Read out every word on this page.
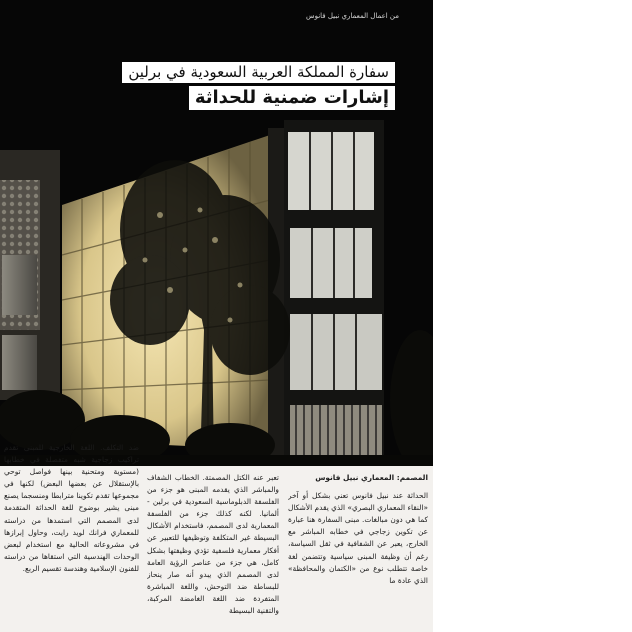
من اعمال المعماري نبيل فانوس
سفارة المملكة العربية السعودية في برلين
إشارات ضمنية للحداثة
المصمم: المعماري نبيل فانوس

الحداثة عند نبيل فانوس تعني بشكل أو آخر «النقاء المعماري البصري» الذي يقدم الأشكال كما هي دون مبالغات. مبنى السفارة هنا عبارة عن تكوين زجاجي في خطابه المباشر مع الخارج، يعبر عن الشفافية في ثقل السياسة، رغم أن وظيفة المبنى سياسية وتتضمن لغة خاصة تتطلب نوع من «الكتمان والمحافظة» الذي عادة ما

تعبر عنه الكتل المصمتة. الخطاب الشفاف والمباشر الذي يقدمه المبنى هو جزء من الفلسفة الدبلوماسية السعودية في برلين - ألمانيا. لكنه كذلك جزء من الفلسفة المعمارية لدى المصمم، فاستخدام الأشكال البسيطة غير المتكلفة وتوظيفها للتعبير عن أفكار معمارية فلسفية تؤدي وظيفتها بشكل كامل، هي جزء من عناصر الرؤية العامة لدى المصمم الذي يبدو أنه صار ينحاز للبساطة ضد التوحش، واللغة المباشرة المتفردة ضد اللغة الغامضة المركبة، والتقنية البسيطة

ضد التكلف. اللغة الخارجية للمبنى تقدم تراكيب زجاجية شبه متفصلة في خطابها (مستوية ومتحنية بينها فواصل توحي بالإستقلال عن بعضها البعض) لكنها في مجموعها تقدم تكوينا مترابطا ومنسجما يصنع مبنى يشير بوضوح للغة الحداثة المتقدمة لدى المصمم التي استمدها من دراسته للمعماري فرانك لويد رايت، وحاول إبرازها في مشروعاته الحالية مع استخدام لبعض الوحدات الهندسية التي استقاها من دراسته للفنون الإسلامية وهندسة تقسيم الربع.
